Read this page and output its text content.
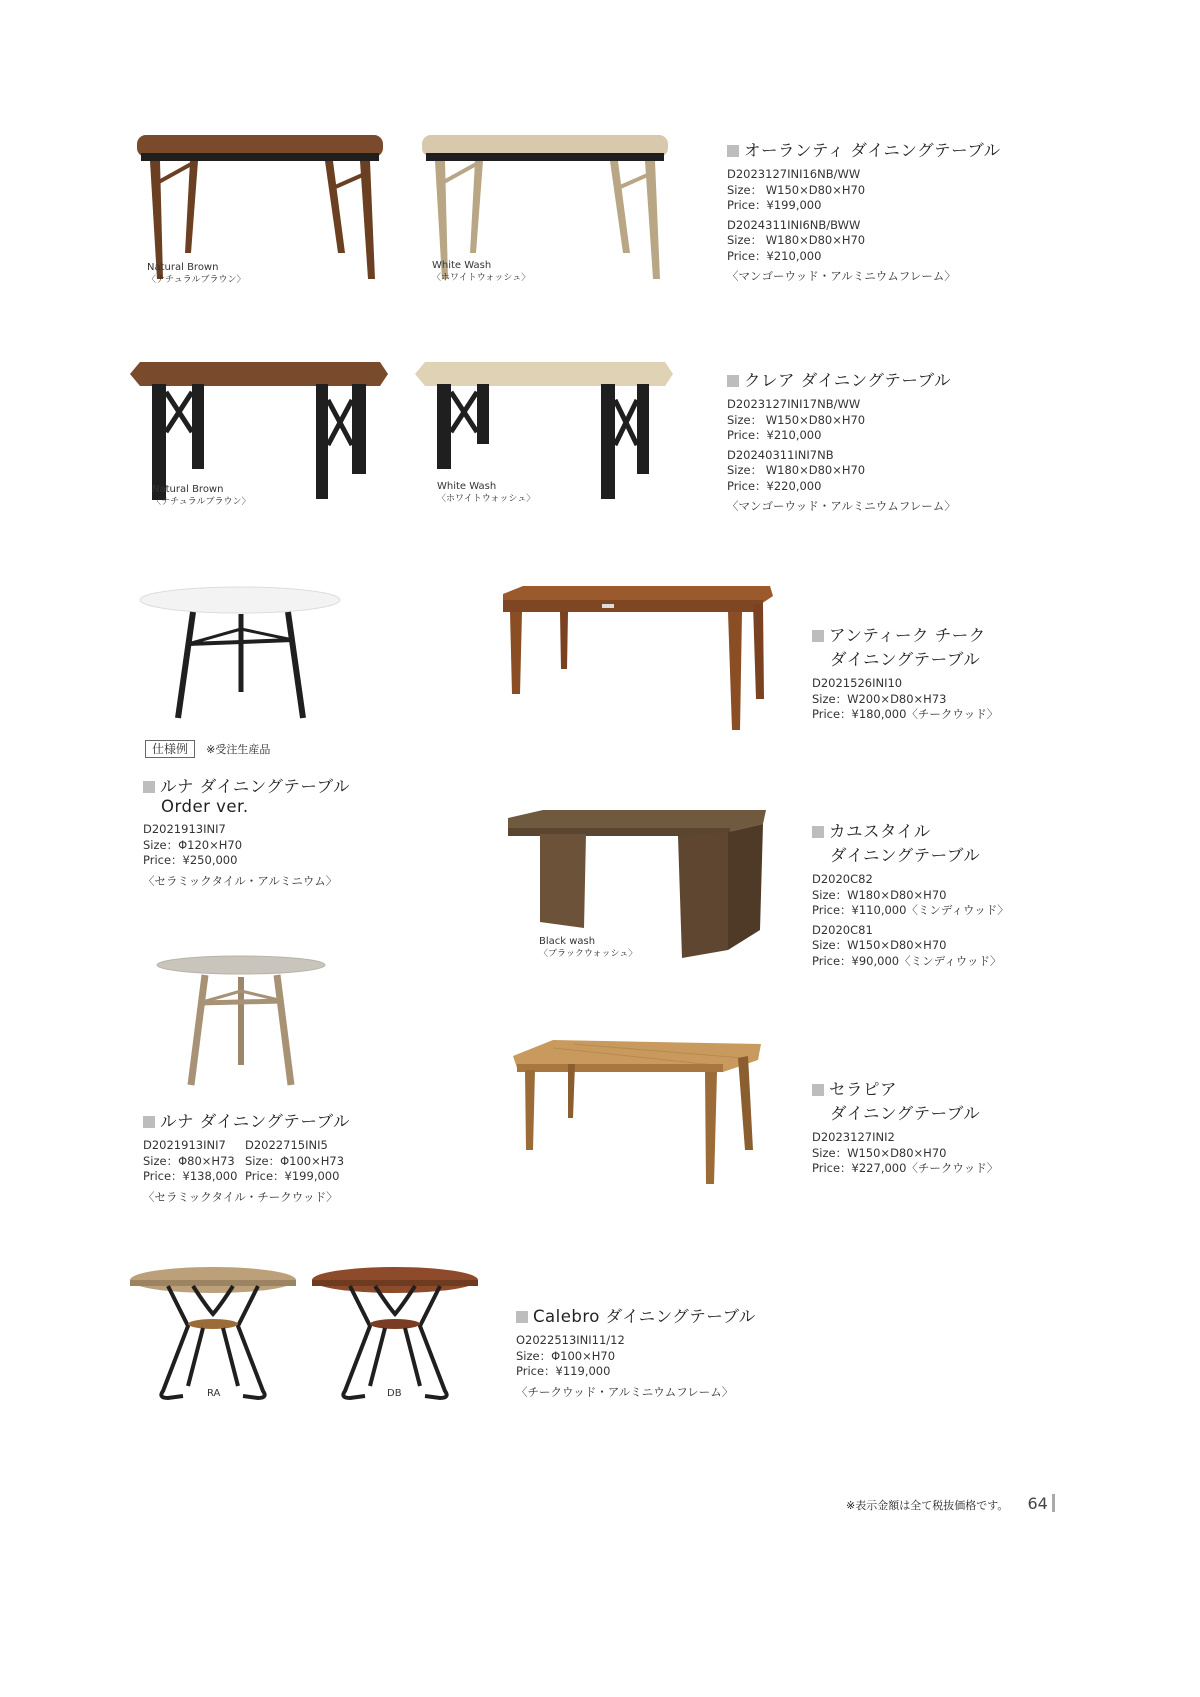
Natural Brown
〈ナチュラルブラウン〉
White Wash
〈ホワイトウォッシュ〉
オーランティ ダイニングテーブル
D2023127INI16NB/WW
Size： W150×D80×H70
Price：¥199,000
D2024311INI6NB/BWW
Size： W180×D80×H70
Price：¥210,000
〈マンゴーウッド・アルミニウムフレーム〉
Natural Brown
〈ナチュラルブラウン〉
White Wash
〈ホワイトウォッシュ〉
クレア ダイニングテーブル
D2023127INI17NB/WW
Size： W150×D80×H70
Price：¥210,000
D20240311INI7NB
Size： W180×D80×H70
Price：¥220,000
〈マンゴーウッド・アルミニウムフレーム〉
仕様例 ※受注生産品
ルナ ダイニングテーブル
Order ver.
D2021913INI7
Size：Φ120×H70
Price：¥250,000
〈セラミックタイル・アルミニウム〉
アンティーク チーク
ダイニングテーブル
D2021526INI10
Size：W200×D80×H73
Price：¥180,000〈チークウッド〉
Black wash
〈ブラックウォッシュ〉
カユスタイル
ダイニングテーブル
D2020C82
Size：W180×D80×H70
Price：¥110,000〈ミンディウッド〉
D2020C81
Size：W150×D80×H70
Price：¥90,000〈ミンディウッド〉
ルナ ダイニングテーブル
D2021913INI7
Size：Φ80×H73
Price：¥138,000
D2022715INI5
Size：Φ100×H73
Price：¥199,000
〈セラミックタイル・チークウッド〉
セラピア
ダイニングテーブル
D2023127INI2
Size：W150×D80×H70
Price：¥227,000〈チークウッド〉
RA	DB
Calebro ダイニングテーブル
O2022513INI11/12
Size：Φ100×H70
Price：¥119,000
〈チークウッド・アルミニウムフレーム〉
※表示金額は全て税抜価格です。 64
